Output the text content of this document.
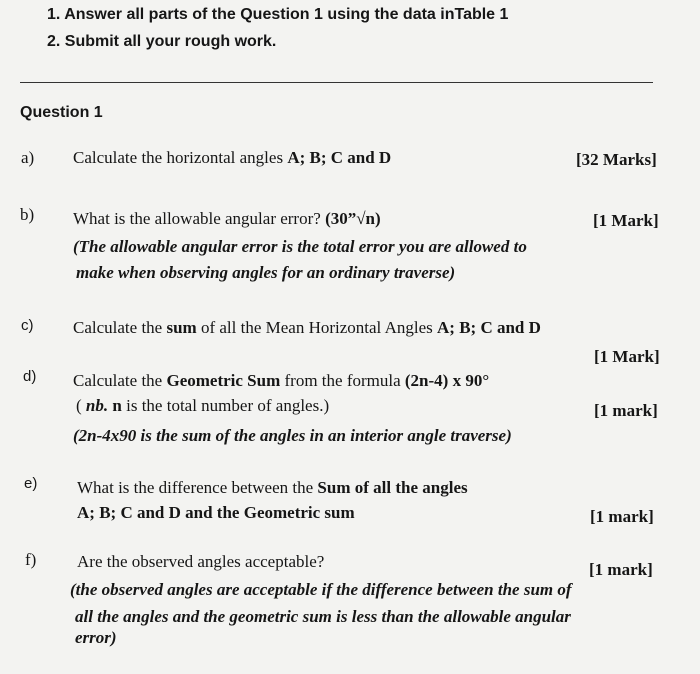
1. Answer all parts of the Question 1 using the data inTable 1
2. Submit all your rough work.
Question 1
a) Calculate the horizontal angles A; B; C and D	[32 Marks]
b) What is the allowable angular error? (30”√n)	[1 Mark]
(The allowable angular error is the total error you are allowed to
make when observing angles for an ordinary traverse)
c) Calculate the sum of all the Mean Horizontal Angles A; B; C and D
[1 Mark]
d) Calculate the Geometric Sum from the formula (2n-4) x 90°
( nb. n is the total number of angles.)	[1 mark]
(2n-4x90 is the sum of the angles in an interior angle traverse)
e) What is the difference between the Sum of all the angles
A; B; C and D and the Geometric sum	[1 mark]
f) Are the observed angles acceptable?	[1 mark]
(the observed angles are acceptable if the difference between the sum of
all the angles and the geometric sum is less than the allowable angular
error)
